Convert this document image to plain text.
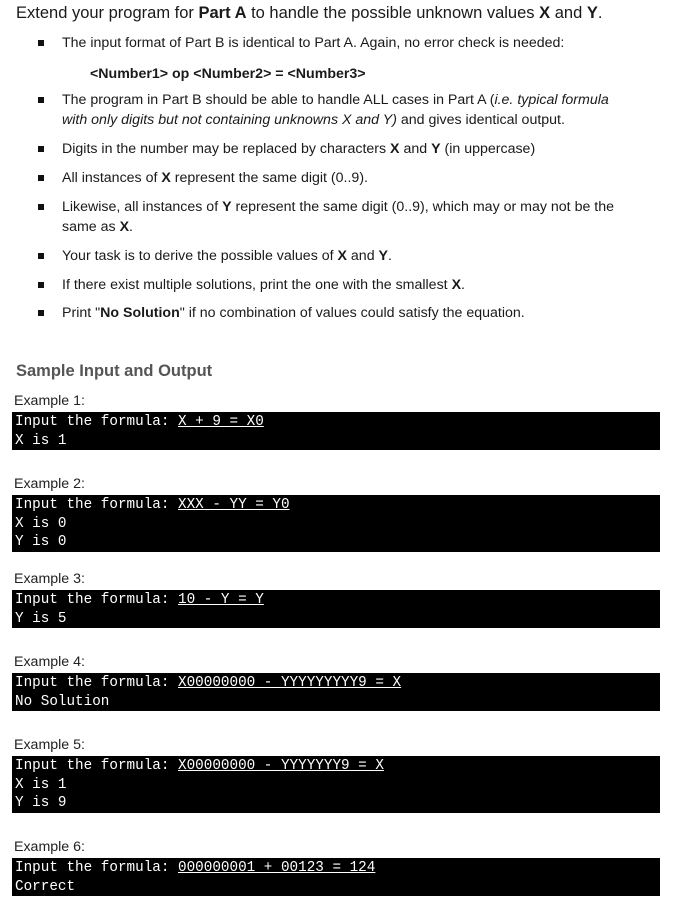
Extend your program for Part A to handle the possible unknown values X and Y.
The input format of Part B is identical to Part A. Again, no error check is needed:
The program in Part B should be able to handle ALL cases in Part A (i.e. typical formula
with only digits but not containing unknowns X and Y) and gives identical output.
Digits in the number may be replaced by characters X and Y (in uppercase)
All instances of X represent the same digit (0..9).
Likewise, all instances of Y represent the same digit (0..9), which may or may not be the
same as X.
Your task is to derive the possible values of X and Y.
If there exist multiple solutions, print the one with the smallest X.
Print "No Solution" if no combination of values could satisfy the equation.
<Number1> op <Number2> = <Number3>
Sample Input and Output
Example 1:
Input the formula: X + 9 = X0
X is 1
Example 2:
Input the formula: XXX - YY = Y0
X is 0
Y is 0
Example 3:
Input the formula: 10 - Y = Y
Y is 5
Example 4:
Input the formula: X00000000 - YYYYYYYYY9 = X
No Solution
Example 5:
Input the formula: X00000000 - YYYYYYY9 = X
X is 1
Y is 9
Example 6:
Input the formula: 000000001 + 00123 = 124
Correct
